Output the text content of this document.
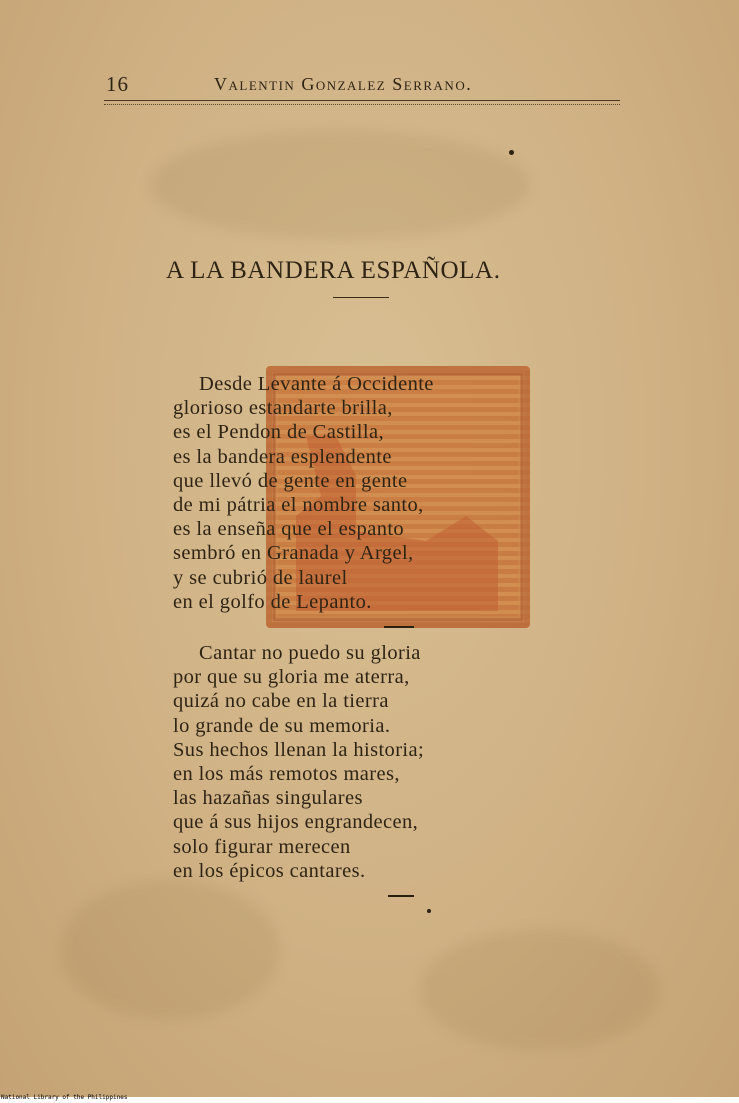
16	Valentin Gonzalez Serrano.
A LA BANDERA ESPAÑOLA.
Desde Levante á Occidente
glorioso estandarte brilla,
es el Pendon de Castilla,
es la bandera esplendente
que llevó de gente en gente
de mi pátria el nombre santo,
es la enseña que el espanto
sembró en Granada y Argel,
y se cubrió de laurel
en el golfo de Lepanto.
Cantar no puedo su gloria
por que su gloria me aterra,
quizá no cabe en la tierra
lo grande de su memoria.
Sus hechos llenan la historia;
en los más remotos mares,
las hazañas singulares
que á sus hijos engrandecen,
solo figurar merecen
en los épicos cantares.
National Library of the Philippines
